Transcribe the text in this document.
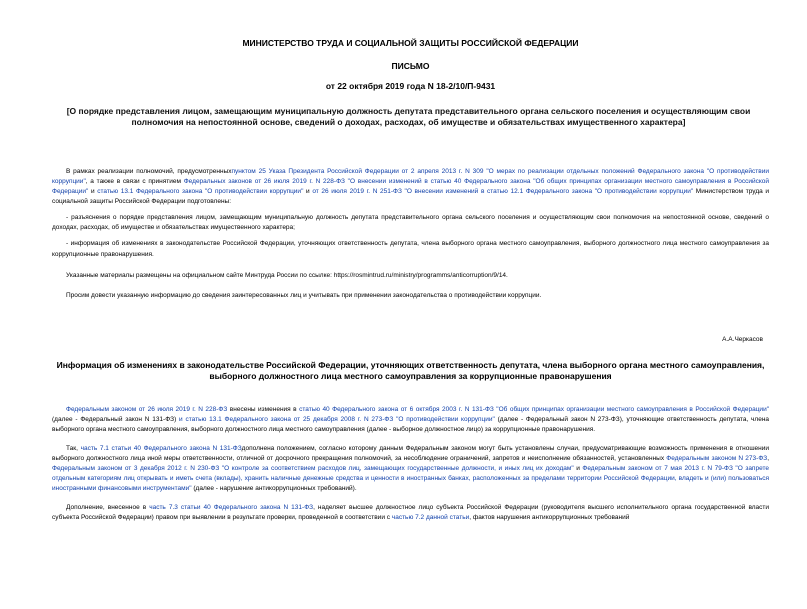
МИНИСТЕРСТВО ТРУДА И СОЦИАЛЬНОЙ ЗАЩИТЫ РОССИЙСКОЙ ФЕДЕРАЦИИ
ПИСЬМО
от 22 октября 2019 года N 18-2/10/П-9431
[О порядке представления лицом, замещающим муниципальную должность депутата представительного органа сельского поселения и осуществляющим свои полномочия на непостоянной основе, сведений о доходах, расходах, об имуществе и обязательствах имущественного характера]

В рамках реализации полномочий, предусмотренныхпунктом 25 Указа Президента Российской Федерации от 2 апреля 2013 г. N 309 "О мерах по реализации отдельных положений Федерального закона "О противодействии коррупции", а также в связи с принятием Федеральных законов от 26 июля 2019 г. N 228-ФЗ "О внесении изменений в статью 40 Федерального закона "Об общих принципах организации местного самоуправления в Российской Федерации" и статью 13.1 Федерального закона "О противодействии коррупции" и от 26 июля 2019 г. N 251-ФЗ "О внесении изменений в статью 12.1 Федерального закона "О противодействии коррупции" Министерством труда и социальной защиты Российской Федерации подготовлены:

- разъяснения о порядке представления лицом, замещающим муниципальную должность депутата представительного органа сельского поселения и осуществляющим свои полномочия на непостоянной основе, сведений о доходах, расходах, об имуществе и обязательствах имущественного характера;

- информация об изменениях в законодательстве Российской Федерации, уточняющих ответственность депутата, члена выборного органа местного самоуправления, выборного должностного лица местного самоуправления за коррупционные правонарушения.

Указанные материалы размещены на официальном сайте Минтруда России по ссылке: https://rosmintrud.ru/ministry/programms/anticorruption/9/14.

Просим довести указанную информацию до сведения заинтересованных лиц и учитывать при применении законодательства о противодействии коррупции.

А.А.Черкасов
Информация об изменениях в законодательстве Российской Федерации, уточняющих ответственность депутата, члена выборного органа местного самоуправления, выборного должностного лица местного самоуправления за коррупционные правонарушения

Федеральным законом от 26 июля 2019 г. N 228-ФЗ внесены изменения в статью 40 Федерального закона от 6 октября 2003 г. N 131-ФЗ "Об общих принципах организации местного самоуправления в Российской Федерации" (далее - Федеральный закон N 131-ФЗ) и статью 13.1 Федерального закона от 25 декабря 2008 г. N 273-ФЗ "О противодействии коррупции" (далее - Федеральный закон N 273-ФЗ), уточняющие ответственность депутата, члена выборного органа местного самоуправления, выборного должностного лица местного самоуправления (далее - выборное должностное лицо) за коррупционные правонарушения.

Так, часть 7.1 статьи 40 Федерального закона N 131-ФЗдополнена положением, согласно которому данным Федеральным законом могут быть установлены случаи, предусматривающие возможность применения в отношении выборного должностного лица иной меры ответственности, отличной от досрочного прекращения полномочий, за несоблюдение ограничений, запретов и неисполнение обязанностей, установленных Федеральным законом N 273-ФЗ, Федеральным законом от 3 декабря 2012 г. N 230-ФЗ "О контроле за соответствием расходов лиц, замещающих государственные должности, и иных лиц их доходам" и Федеральным законом от 7 мая 2013 г. N 79-ФЗ "О запрете отдельным категориям лиц открывать и иметь счета (вклады), хранить наличные денежные средства и ценности в иностранных банках, расположенных за пределами территории Российской Федерации, владеть и (или) пользоваться иностранными финансовыми инструментами" (далее - нарушение антикоррупционных требований).

Дополнение, внесенное в часть 7.3 статьи 40 Федерального закона N 131-ФЗ, наделяет высшее должностное лицо субъекта Российской Федерации (руководителя высшего исполнительного органа государственной власти субъекта Российской Федерации) правом при выявлении в результате проверки, проведенной в соответствии с частью 7.2 данной статьи, фактов нарушения антикоррупционных требований
